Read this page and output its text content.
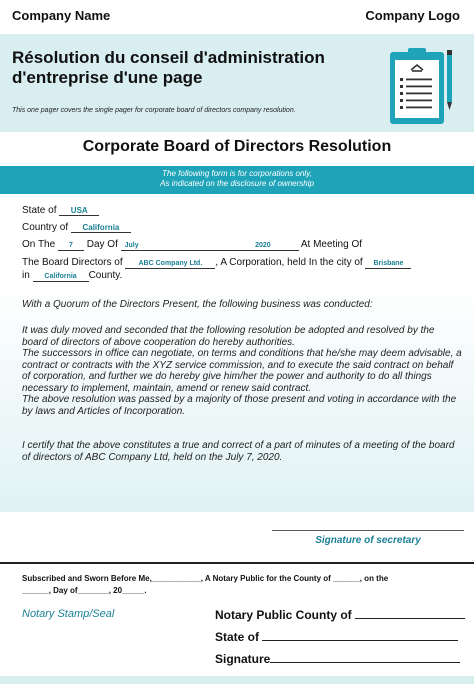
Company Name	Company Logo
Résolution du conseil d'administration
d'entreprise d'une page
This one pager covers the single pager for corporate board of directors company resolution.
Corporate Board of Directors Resolution
The following form is for corporations only,
As indicated on the disclosure of ownership
State of USA
Country of California
On The 7 Day Of July	2020	At Meeting Of
The Board Directors of ABC Company Ltd. , A Corporation, held In the city of Brisbane
in California County.
With a Quorum of the Directors Present, the following business was conducted:
It was duly moved and seconded that the following resolution be adopted and resolved by the board of directors of above cooperation do hereby authorities.
The successors in office can negotiate, on terms and conditions that he/she may deem advisable, a contract or contracts with the XYZ service commission, and to execute the said contract on behalf of corporation, and further we do hereby give him/her the power and authority to do all things necessary to implement, maintain, amend or renew said contract.
The above resolution was passed by a majority of those present and voting in accordance with the by laws and Articles of Incorporation.
I certify that the above constitutes a true and correct of a part of minutes of a meeting of the board of directors of ABC Company Ltd, held on the July 7, 2020.
Signature of secretary
Subscribed and Sworn Before Me,___________, A Notary Public for the County of ______, on the
______, Day of_______, 20_____.
Notary Stamp/Seal	Notary Public County of
State of
Signature
